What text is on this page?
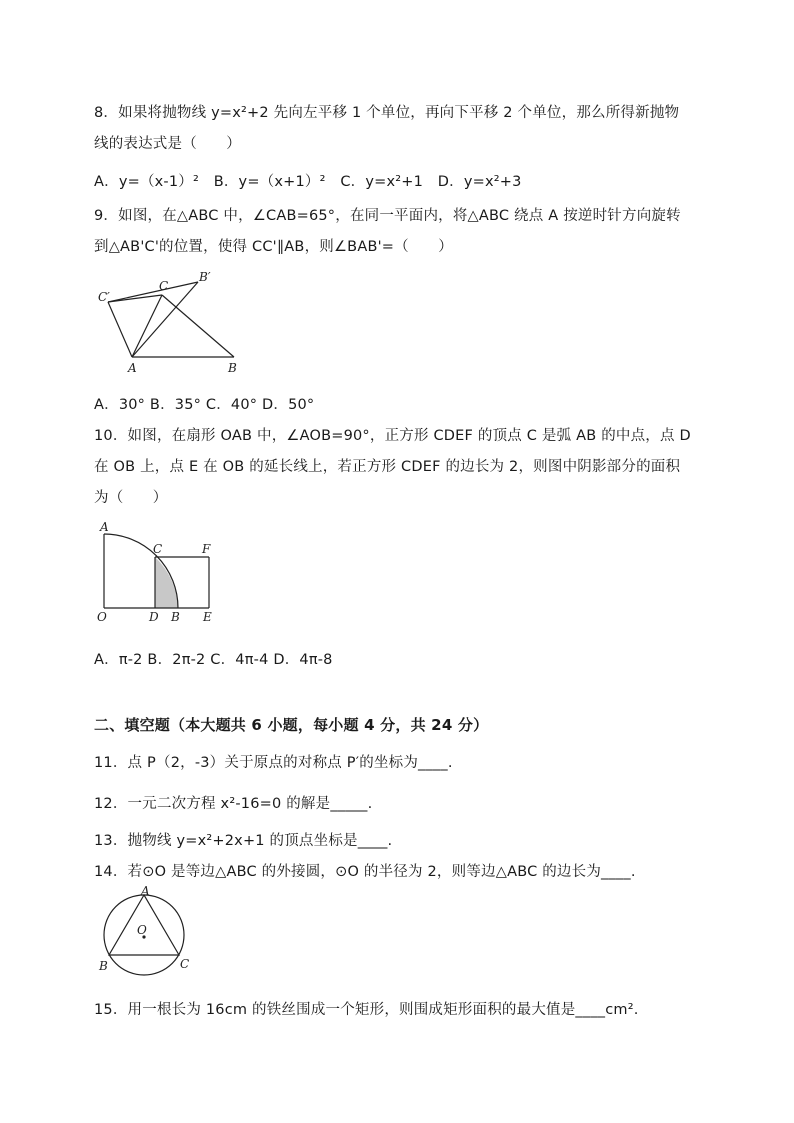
8．如果将抛物线 y=x²+2 先向左平移 1 个单位，再向下平移 2 个单位，那么所得新抛物
线的表达式是（　　）
A．y=（x-1）²　B．y=（x+1）²　C．y=x²+1　D．y=x²+3
9．如图，在△ABC 中，∠CAB=65°，在同一平面内，将△ABC 绕点 A 按逆时针方向旋转
到△AB'C'的位置，使得 CC'∥AB，则∠BAB'=（　　）
C′
C
B′
A	B
A．30° B．35° C．40° D．50°
10．如图，在扇形 OAB 中，∠AOB=90°，正方形 CDEF 的顶点 C 是弧 AB 的中点，点 D
在 OB 上，点 E 在 OB 的延长线上，若正方形 CDEF 的边长为 2，则图中阴影部分的面积
为（　　）
A
C	F
O	D B E
A．π-2 B．2π-2 C．4π-4 D．4π-8
二、填空题（本大题共 6 小题，每小题 4 分，共 24 分）
11．点 P（2，-3）关于原点的对称点 P′的坐标为____.
12．一元二次方程 x²-16=0 的解是_____.
13．抛物线 y=x²+2x+1 的顶点坐标是____.
14．若⊙O 是等边△ABC 的外接圆，⊙O 的半径为 2，则等边△ABC 的边长为____.
A
O
B	C
15．用一根长为 16cm 的铁丝围成一个矩形，则围成矩形面积的最大值是____cm².
